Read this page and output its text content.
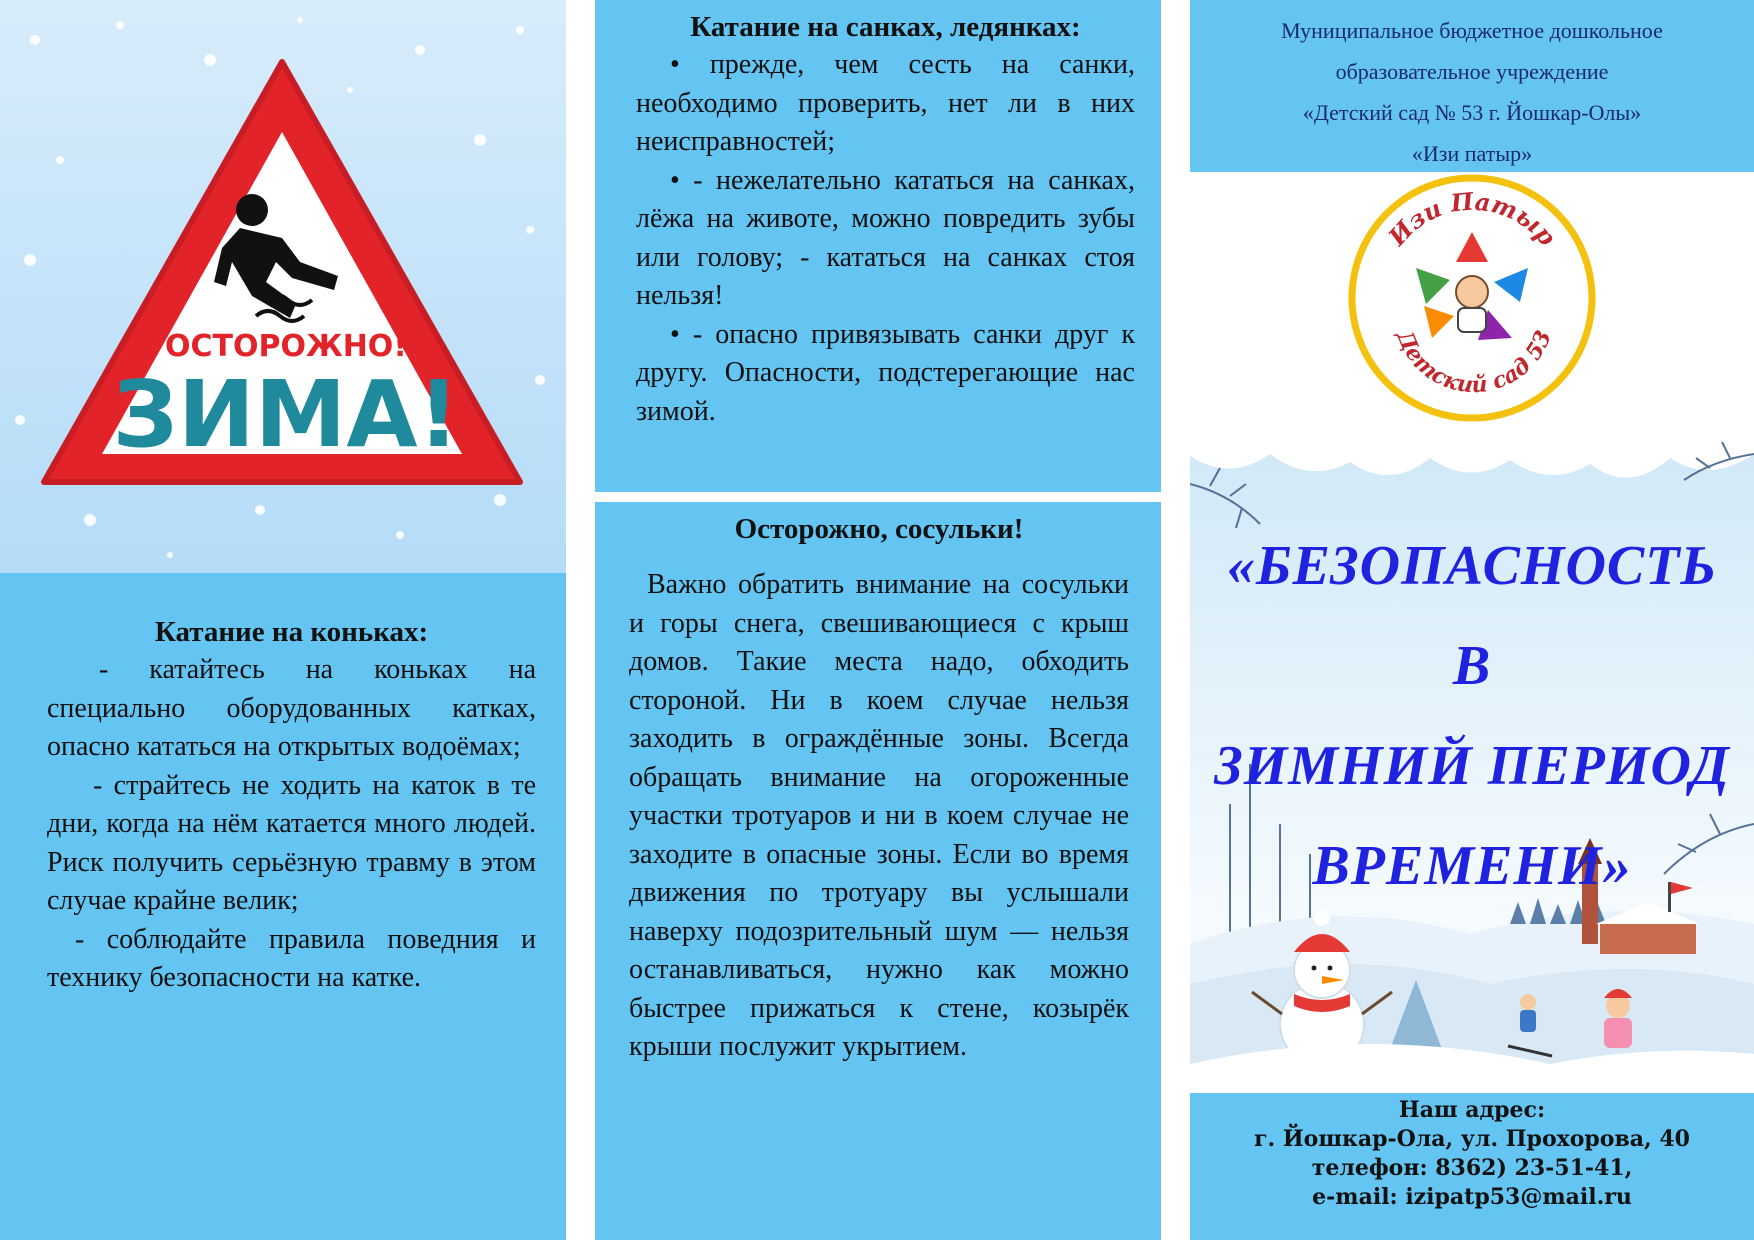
ОСТОРОЖНО!
ЗИМА!
Катание на коньках:

- катайтесь на коньках на специально оборудованных катках, опасно кататься на открытых водоёмах;

- страйтесь не ходить на каток в те дни, когда на нём катается много людей. Риск получить серьёзную травму в этом случае крайне велик;

- соблюдайте правила поведния и технику безопасности на катке.

Катание на санках, ледянках:

• прежде, чем сесть на санки, необходимо проверить, нет ли в них неисправностей;

• - нежелательно кататься на санках, лёжа на животе, можно повредить зубы или голову; - кататься на санках стоя нельзя!

• - опасно привязывать санки друг к другу. Опасности, подстерегающие нас зимой.

Осторожно, сосульки!

Важно обратить внимание на сосульки и горы снега, свешивающиеся с крыш домов. Такие места надо, обходить стороной. Ни в коем случае нельзя заходить в ограждённые зоны. Всегда обращать внимание на огороженные участки тротуаров и ни в коем случае не заходите в опасные зоны. Если во время движения по тротуару вы услышали наверху подозрительный шум — нельзя останавливаться, нужно как можно быстрее прижаться к стене, козырёк крыши послужит укрытием.

Муниципальное бюджетное дошкольное

образовательное учреждение

«Детский сад № 53 г. Йошкар-Олы»

«Изи патыр»

Изи Патыр
Детский сад 53
«БЕЗОПАСНОСТЬ
В
ЗИМНИЙ ПЕРИОД
ВРЕМЕНИ»

Наш адрес:

г. Йошкар-Ола, ул. Прохорова, 40

телефон: 8362) 23-51-41,

e-mail: izipatp53@mail.ru
